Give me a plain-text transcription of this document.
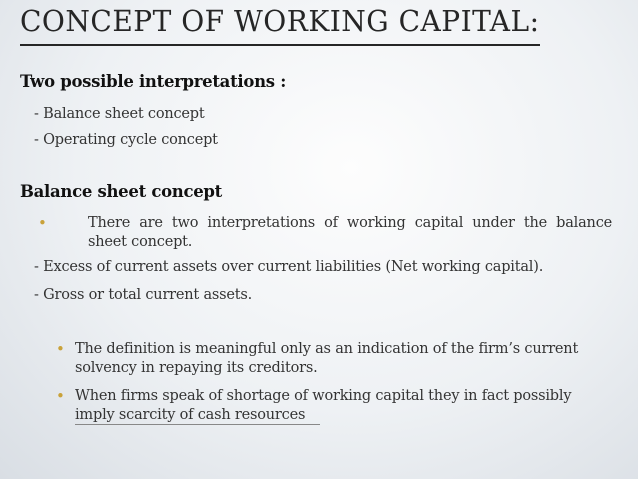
CONCEPT OF WORKING CAPITAL:
Two possible interpretations :
- Balance sheet concept
- Operating cycle concept
Balance sheet concept
•	There are two interpretations of working capital under the balance sheet concept.
- Excess of current assets over current liabilities (Net working capital).
- Gross or total current assets.
• The definition is meaningful only as an indication of the firm’s current solvency in repaying its creditors.
• When firms speak of shortage of working capital they in fact possibly imply scarcity of cash resources
